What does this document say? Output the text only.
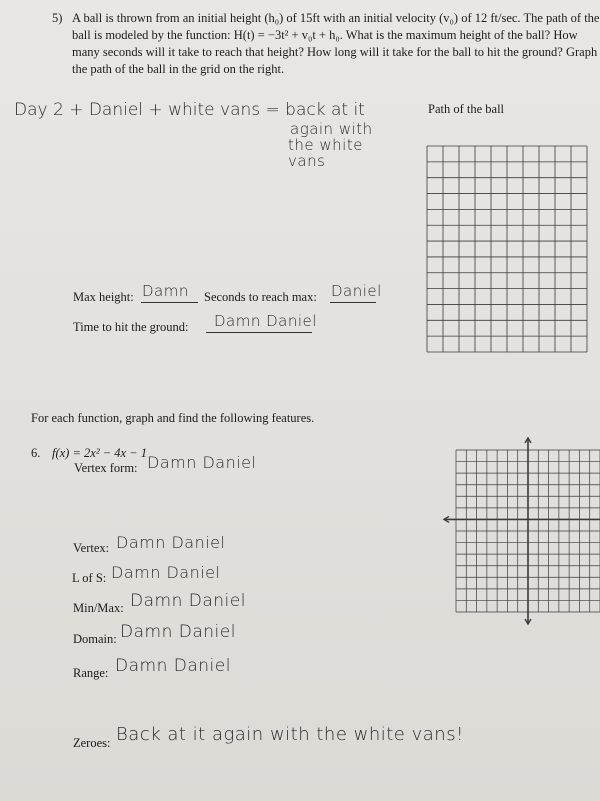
5) A ball is thrown from an initial height (h₀) of 15ft with an initial velocity (v₀) of 12 ft/sec. The path of the
ball is modeled by the function: H(t) = −3t² + v₀t + h₀. What is the maximum height of the ball? How
many seconds will it take to reach that height? How long will it take for the ball to hit the ground? Graph
the path of the ball in the grid on the right.
Day 2 + Daniel + white vans = back at it
again with
the white
vans
Path of the ball
Max height: Damn Seconds to reach max: Daniel
Time to hit the ground: Damn Daniel
For each function, graph and find the following features.
6. f(x) = 2x² − 4x − 1
Vertex form: Damn Daniel
Vertex: Damn Daniel
L of S: Damn Daniel
Min/Max: Damn Daniel
Domain: Damn Daniel
Range: Damn Daniel
Zeroes: Back at it again with the white vans!
